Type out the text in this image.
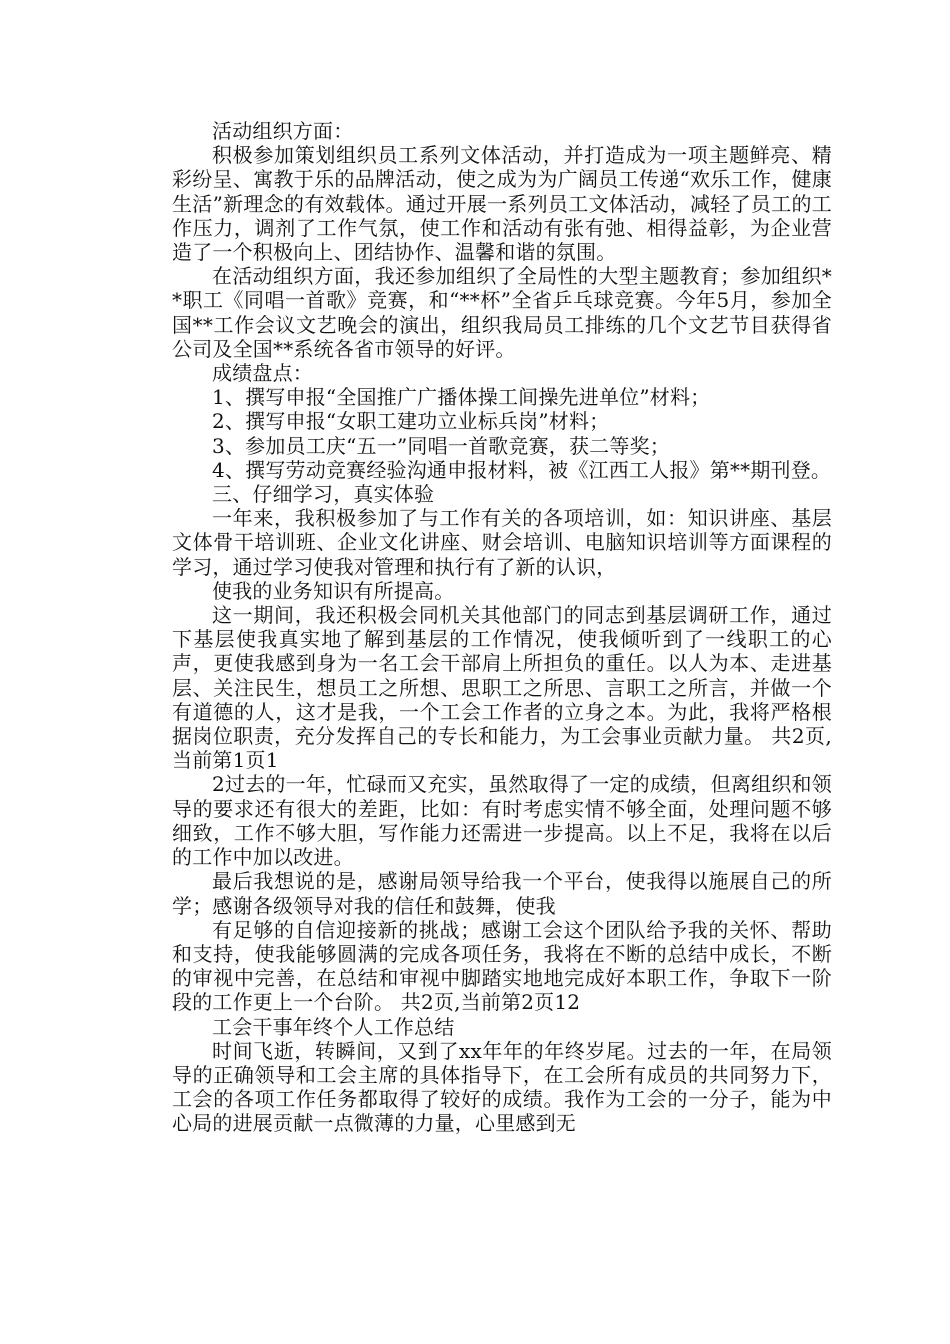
活动组织方面：

积极参加策划组织员工系列文体活动，并打造成为一项主题鲜亮、精彩纷呈、寓教于乐的品牌活动，使之成为为广阔员工传递“欢乐工作，健康生活”新理念的有效载体。通过开展一系列员工文体活动，减轻了员工的工作压力，调剂了工作气氛，使工作和活动有张有弛、相得益彰，为企业营造了一个积极向上、团结协作、温馨和谐的氛围。

在活动组织方面，我还参加组织了全局性的大型主题教育；参加组织**职工《同唱一首歌》竞赛，和“**杯”全省乒乓球竞赛。今年5月，参加全国**工作会议文艺晚会的演出，组织我局员工排练的几个文艺节目获得省公司及全国**系统各省市领导的好评。

成绩盘点：

1、撰写申报“全国推广广播体操工间操先进单位”材料；

2、撰写申报“女职工建功立业标兵岗”材料；

3、参加员工庆“五一”同唱一首歌竞赛，获二等奖；

4、撰写劳动竞赛经验沟通申报材料，被《江西工人报》第**期刊登。

三、仔细学习，真实体验

一年来，我积极参加了与工作有关的各项培训，如：知识讲座、基层文体骨干培训班、企业文化讲座、财会培训、电脑知识培训等方面课程的学习，通过学习使我对管理和执行有了新的认识，

使我的业务知识有所提高。

这一期间，我还积极会同机关其他部门的同志到基层调研工作，通过下基层使我真实地了解到基层的工作情况，使我倾听到了一线职工的心声，更使我感到身为一名工会干部肩上所担负的重任。以人为本、走进基层、关注民生，想员工之所想、思职工之所思、言职工之所言，并做一个有道德的人，这才是我，一个工会工作者的立身之本。为此，我将严格根据岗位职责，充分发挥自己的专长和能力，为工会事业贡献力量。 共2页,当前第1页1

2过去的一年，忙碌而又充实，虽然取得了一定的成绩，但离组织和领导的要求还有很大的差距，比如：有时考虑实情不够全面，处理问题不够细致，工作不够大胆，写作能力还需进一步提高。以上不足，我将在以后的工作中加以改进。

最后我想说的是，感谢局领导给我一个平台，使我得以施展自己的所学；感谢各级领导对我的信任和鼓舞，使我

有足够的自信迎接新的挑战；感谢工会这个团队给予我的关怀、帮助和支持，使我能够圆满的完成各项任务，我将在不断的总结中成长，不断的审视中完善，在总结和审视中脚踏实地地完成好本职工作，争取下一阶段的工作更上一个台阶。 共2页,当前第2页12

工会干事年终个人工作总结

时间飞逝，转瞬间，又到了xx年年的年终岁尾。过去的一年，在局领导的正确领导和工会主席的具体指导下，在工会所有成员的共同努力下，工会的各项工作任务都取得了较好的成绩。我作为工会的一分子，能为中心局的进展贡献一点微薄的力量，心里感到无
